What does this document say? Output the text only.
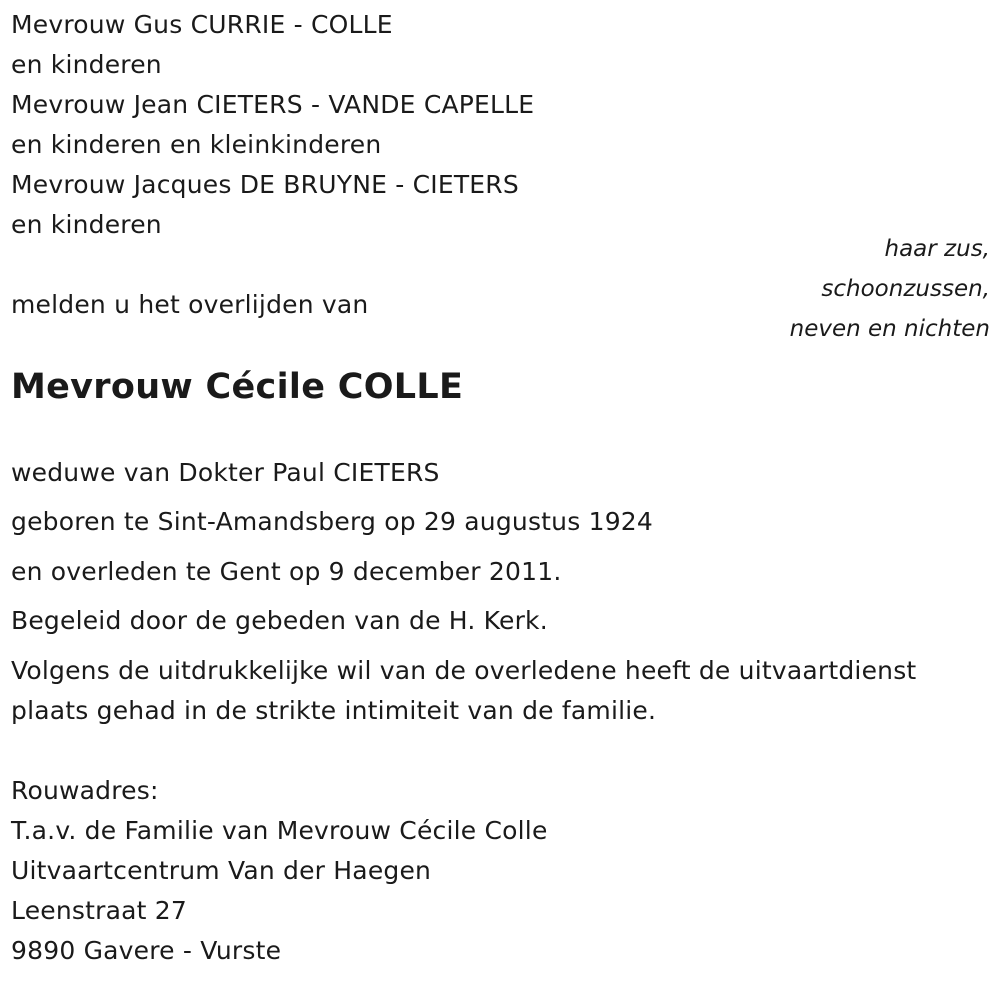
Mevrouw Gus CURRIE - COLLE
en kinderen
Mevrouw Jean CIETERS - VANDE CAPELLE
en kinderen en kleinkinderen
Mevrouw Jacques DE BRUYNE - CIETERS
en kinderen
haar zus,
schoonzussen,
neven en nichten
melden u het overlijden van
Mevrouw Cécile COLLE
weduwe van Dokter Paul CIETERS
geboren te Sint-Amandsberg op 29 augustus 1924
en overleden te Gent op 9 december 2011.
Begeleid door de gebeden van de H. Kerk.
Volgens de uitdrukkelijke wil van de overledene heeft de uitvaartdienst
plaats gehad in de strikte intimiteit van de familie.
Rouwadres:
T.a.v. de Familie van Mevrouw Cécile Colle
Uitvaartcentrum Van der Haegen
Leenstraat 27
9890 Gavere - Vurste
